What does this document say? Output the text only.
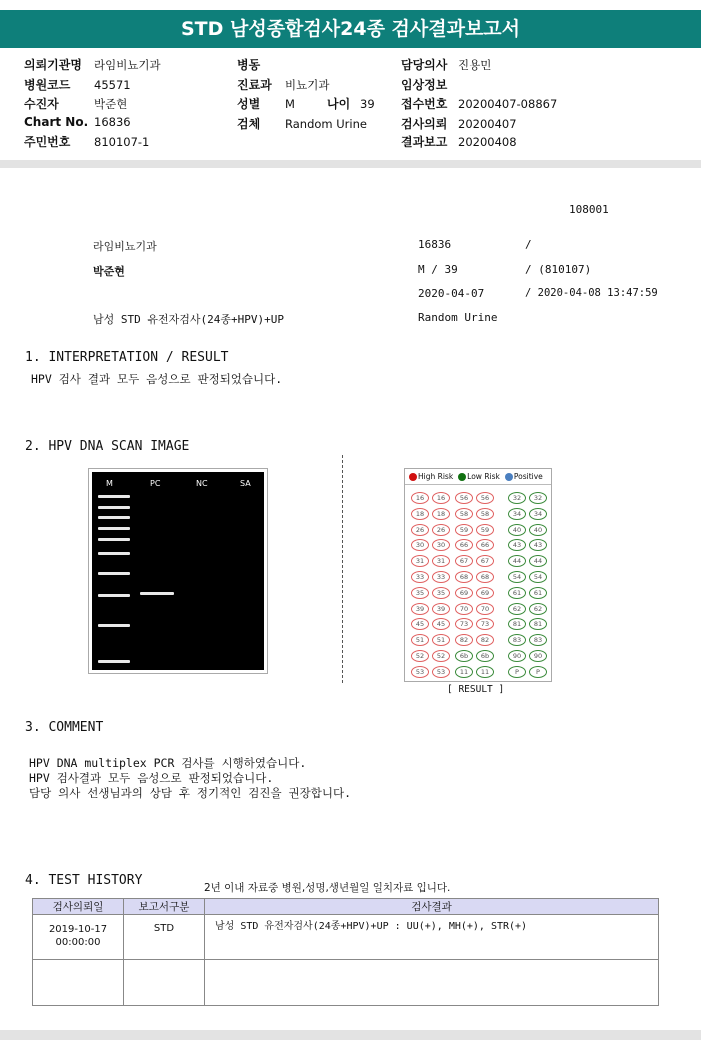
STD 남성종합검사24종 검사결과보고서
의뢰기관명 라임비뇨기과
병원코드 45571
수진자	박준현
Chart No. 16836
주민번호 810107-1
병동
진료과 비뇨기과
성별 M
검체 Random Urine
담당의사 진용민
임상정보
접수번호 20200407-08867
검사의뢰 20200407
결과보고 20200408
나이 39
108001
라임비뇨기과	16836	/
박준현	M / 39	/ (810107)
2020-04-07	/ 2020-04-08 13:47:59
남성 STD 유전자검사(24종+HPV)+UP	Random Urine
1. INTERPRETATION / RESULT
HPV 검사 결과 모두 음성으로 판정되었습니다.
2. HPV DNA SCAN IMAGE
M	PC	NC	SA
High Risk Low Risk Positive
16	16
18	18
26	26
30	30
31	31
33	33
35	35
39	39
45	45
51	51
52	52
53	53
56	56
58	58
59	59
66	66
67	67
68	68
69	69
70	70
73	73
82	82
6b	6b
11	11
32	32
34	34
40	40
43	43
44	44
54	54
61	61
62	62
81	81
83	83
90	90
P	P
[ RESULT ]
3. COMMENT
HPV DNA multiplex PCR 검사를 시행하였습니다.
HPV 검사결과 모두 음성으로 판정되었습니다.
담당 의사 선생님과의 상담 후 정기적인 검진을 권장합니다.
4. TEST HISTORY	2년 이내 자료중 병원,성명,생년월일 일치자료 입니다.
검사의뢰일	보고서구분	검사결과

2019-10-17
00:00:00	STD	남성 STD 유전자검사(24종+HPV)+UP : UU(+), MH(+), STR(+)
